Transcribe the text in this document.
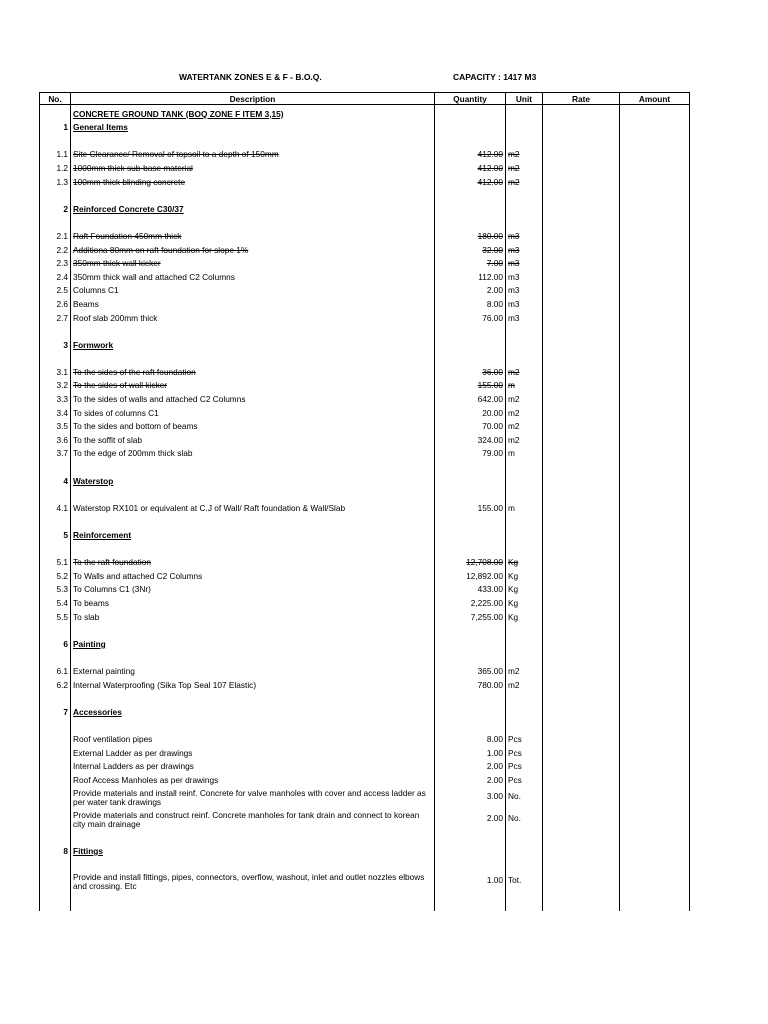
WATERTANK ZONES E & F - B.O.Q.	CAPACITY : 1417 M3
No.	Description	Quantity	Unit	Rate	Amount
	CONCRETE GROUND TANK (BOQ ZONE F ITEM 3,15)				
1	General Items				

1.1	Site Clearance/ Removal of topsoil to a depth of 150mm	412.00	m2		
1.2	1000mm thick sub-base material	412.00	m2		
1.3	100mm thick blinding concrete	412.00	m2		

2	Reinforced Concrete C30/37				

2.1	Raft Foundation 450mm thick	180.00	m3		
2.2	Additiona 80mm on raft foundation for slope 1%	32.00	m3		
2.3	350mm thick wall kicker	7.00	m3		
2.4	350mm thick wall and attached C2 Columns	112.00	m3		
2.5	Columns C1	2.00	m3		
2.6	Beams	8.00	m3		
2.7	Roof slab 200mm thick	76.00	m3		

3	Formwork				

3.1	To the sides of the raft foundation	36.00	m2		
3.2	To the sides of wall kicker	155.00	m		
3.3	To the sides of walls and attached C2 Columns	642.00	m2		
3.4	To sides of columns C1	20.00	m2		
3.5	To the sides and bottom of beams	70.00	m2		
3.6	To the soffit of slab	324.00	m2		
3.7	To the edge of 200mm thick slab	79.00	m		

4	Waterstop				

4.1	Waterstop RX101 or equivalent at C.J of Wall/ Raft foundation & Wall/Slab	155.00	m		

5	Reinforcement				

5.1	To the raft foundation	12,708.00	Kg		
5.2	To Walls and attached C2 Columns	12,892.00	Kg		
5.3	To Columns C1 (3Nr)	433.00	Kg		
5.4	To beams	2,225.00	Kg		
5.5	To slab	7,255.00	Kg		

6	Painting				

6.1	External painting	365.00	m2		
6.2	Internal Waterproofing (Sika Top Seal 107 Elastic)	780.00	m2		

7	Accessories				

	Roof ventilation pipes	8.00	Pcs		
	External Ladder as per drawings	1.00	Pcs		
	Internal Ladders as per drawings	2.00	Pcs		
	Roof Access Manholes as per drawings	2.00	Pcs		
	Provide materials and install reinf. Concrete for valve manholes with cover and access ladder as per water tank drawings	3.00	No.		
	Provide materials and construct reinf. Concrete manholes for tank drain and connect to korean city main drainage	2.00	No.		

8	Fittings				

	Provide and install fittings, pipes, connectors, overflow, washout, inlet and outlet nozzles elbows and crossing. Etc	1.00	Tot.		
